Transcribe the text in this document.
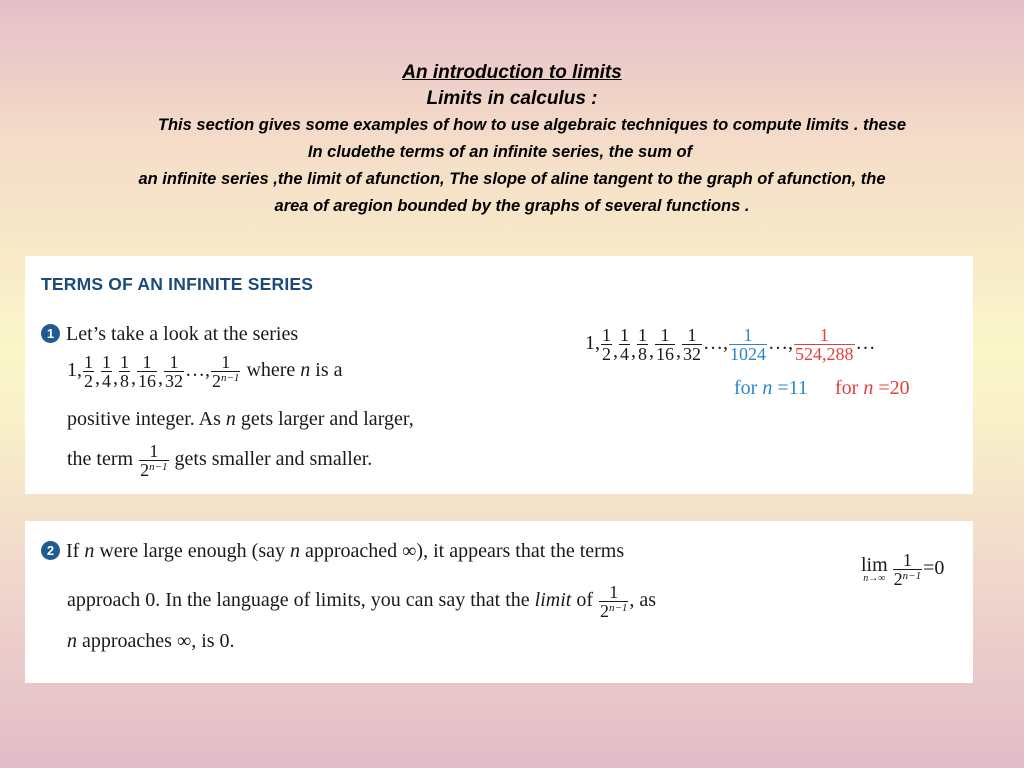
An introduction to limits
Limits in calculus :
This section gives some examples of how to use algebraic techniques to compute limits . these
In cludethe terms of an infinite series, the sum of
an infinite series ,the limit of afunction, The slope of aline tangent to the graph of afunction, the
area of aregion bounded by the graphs of several functions .
TERMS OF AN INFINITE SERIES
1 Let’s take a look at the series
1, $\frac{1}{2}$ , $\frac{1}{4}$ , $\frac{1}{8}$ , $\frac{1}{16}$ , $\frac{1}{32}$ …, $\frac{1}{2^{n-1}}$ where n is a
positive integer. As n gets larger and larger,
the term $\frac{1}{2^{n-1}}$ gets smaller and smaller.
1, $\frac{1}{2}$ , $\frac{1}{4}$ , $\frac{1}{8}$ , $\frac{1}{16}$ , $\frac{1}{32}$ …, $\frac{1}{1024}$ …, $\frac{1}{524,288}$ …
for n =11 for n =20
2 If n were large enough (say n approached ∞), it appears that the terms
approach 0. In the language of limits, you can say that the limit of $\frac{1}{2^{n-1}}$ , as
n approaches ∞, is 0.
lim
$n\to\infty \frac{1}{2^{n-1}} =0$
